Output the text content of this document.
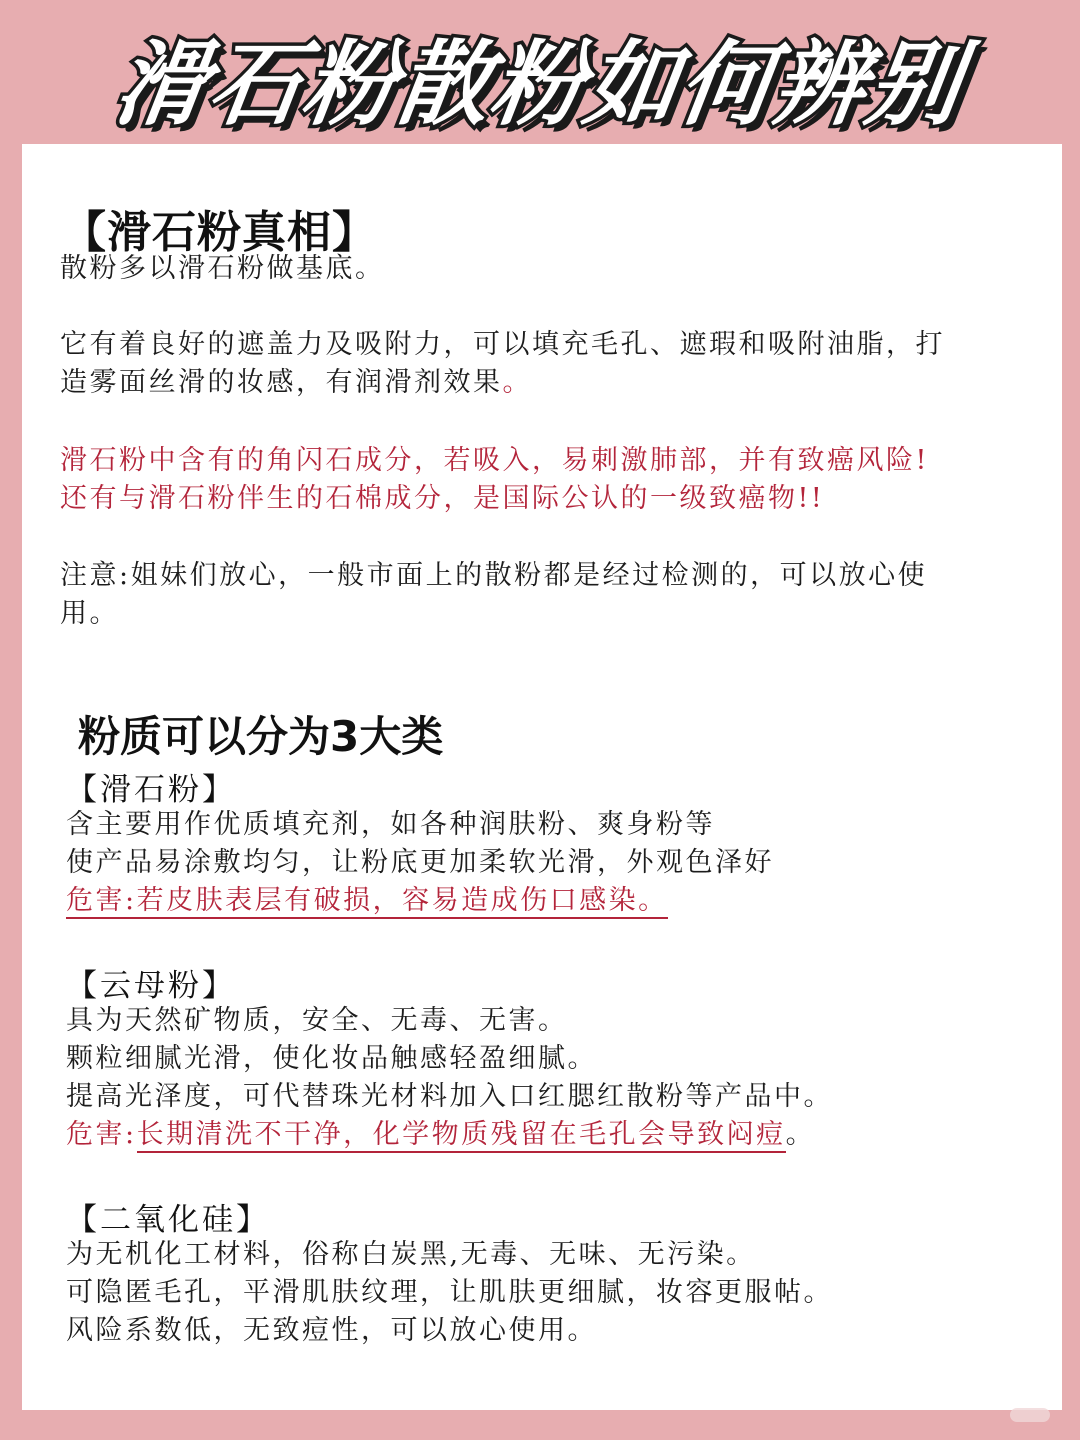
滑石粉散粉如何辨别
【滑石粉真相】
散粉多以滑石粉做基底。
它有着良好的遮盖力及吸附力，可以填充毛孔、遮瑕和吸附油脂，打
造雾面丝滑的妆感，有润滑剂效果。
滑石粉中含有的角闪石成分，若吸入，易刺激肺部，并有致癌风险!
还有与滑石粉伴生的石棉成分，是国际公认的一级致癌物!!
注意:姐妹们放心，一般市面上的散粉都是经过检测的，可以放心使
用。
粉质可以分为3大类
【滑石粉】
含主要用作优质填充剂，如各种润肤粉、爽身粉等
使产品易涂敷均匀，让粉底更加柔软光滑，外观色泽好
危害:若皮肤表层有破损，容易造成伤口感染。
【云母粉】
具为天然矿物质，安全、无毒、无害。
颗粒细腻光滑，使化妆品触感轻盈细腻。
提高光泽度，可代替珠光材料加入口红腮红散粉等产品中。
危害:长期清洗不干净，化学物质残留在毛孔会导致闷痘。
【二氧化硅】
为无机化工材料，俗称白炭黑,无毒、无味、无污染。
可隐匿毛孔，平滑肌肤纹理，让肌肤更细腻，妆容更服帖。
风险系数低，无致痘性，可以放心使用。
